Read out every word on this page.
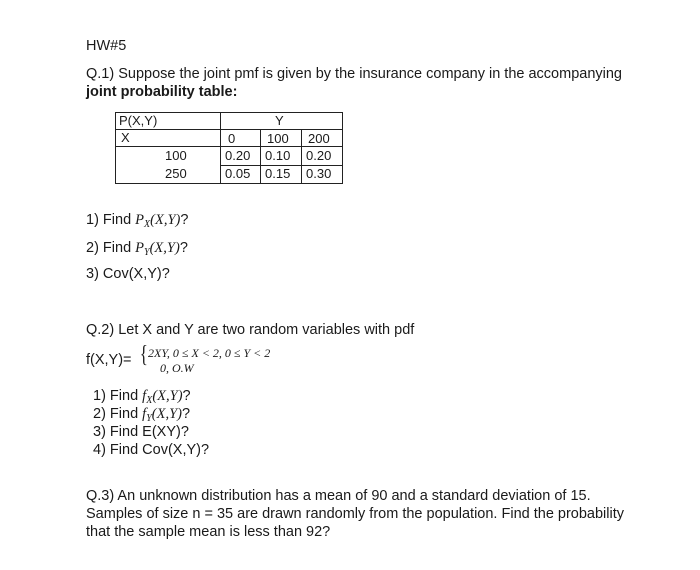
HW#5
Q.1) Suppose the joint pmf is given by the insurance company in the accompanying
joint probability table:
P(X,Y)	Y
X	0 100 200
100	0.20 0.10 0.20
250	0.05 0.15 0.30
1) Find $P_X(X,Y)$?
2) Find $P_Y(X,Y)$?
3) Cov(X,Y)?
Q.2) Let X and Y are two random variables with pdf
f(X,Y)= { 2XY, 0 ≤ X < 2, 0 ≤ Y < 2
0, O.W
1) Find $f_X(X,Y)$?
2) Find $f_Y(X,Y)$?
3) Find E(XY)?
4) Find Cov(X,Y)?
Q.3) An unknown distribution has a mean of 90 and a standard deviation of 15.
Samples of size n = 35 are drawn randomly from the population. Find the probability
that the sample mean is less than 92?
